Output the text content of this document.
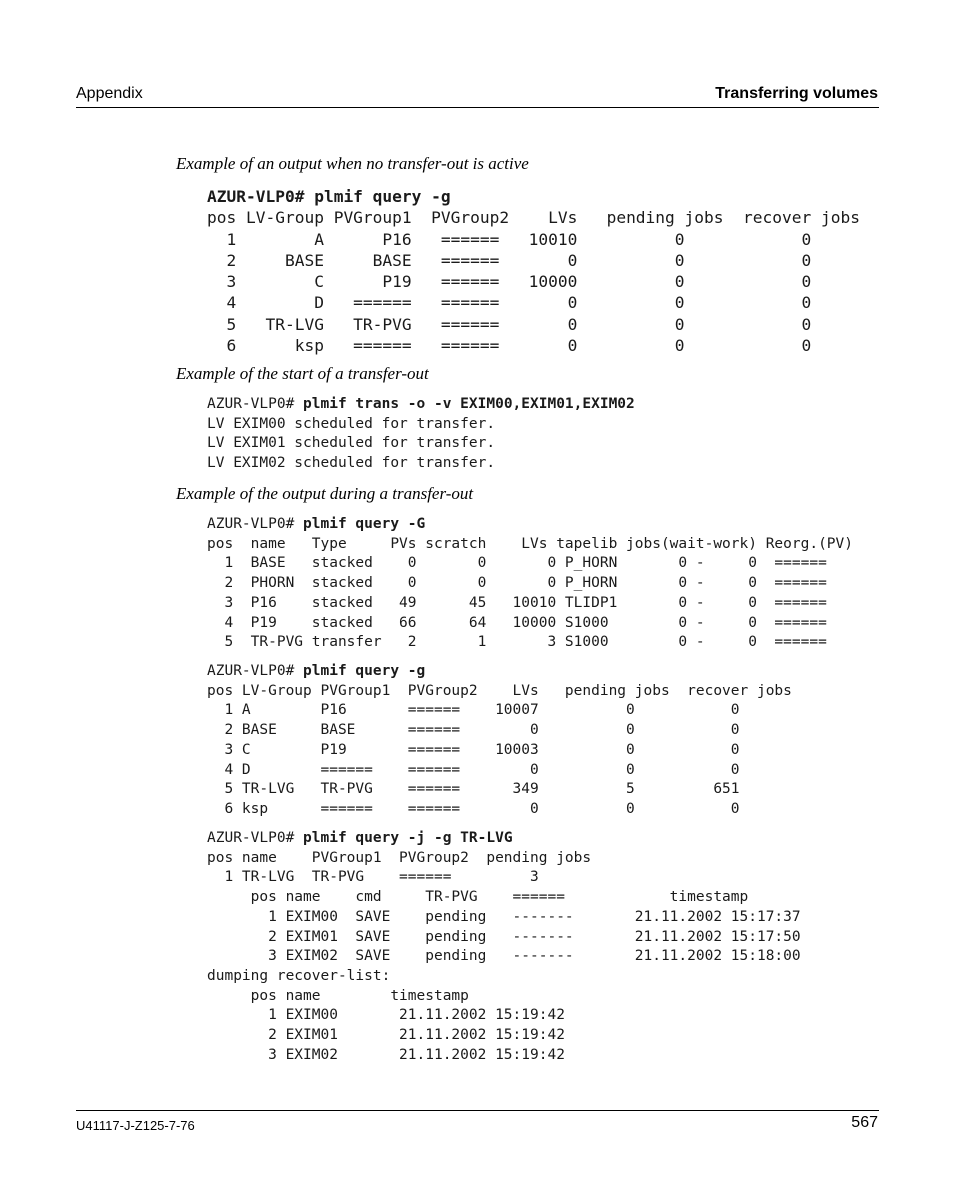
Appendix	Transferring volumes
Example of an output when no transfer-out is active
AZUR-VLP0# plmif query -g
pos LV-Group PVGroup1  PVGroup2    LVs   pending jobs  recover jobs
1        A      P16   ======   10010          0            0
2     BASE     BASE   ======       0          0            0
3        C      P19   ======   10000          0            0
4        D   ======   ======       0          0            0
5   TR-LVG   TR-PVG   ======       0          0            0
6      ksp   ======   ======       0          0            0
Example of the start of a transfer-out
AZUR-VLP0# plmif trans -o -v EXIM00,EXIM01,EXIM02
LV EXIM00 scheduled for transfer.
LV EXIM01 scheduled for transfer.
LV EXIM02 scheduled for transfer.
Example of the output during a transfer-out
AZUR-VLP0# plmif query -G
pos  name   Type     PVs scratch    LVs tapelib jobs(wait-work) Reorg.(PV)
1  BASE   stacked    0       0       0 P_HORN       0 -     0  ======
2  PHORN  stacked    0       0       0 P_HORN       0 -     0  ======
3  P16    stacked   49      45   10010 TLIDP1       0 -     0  ======
4  P19    stacked   66      64   10000 S1000        0 -     0  ======
5  TR-PVG transfer   2       1       3 S1000        0 -     0  ======
AZUR-VLP0# plmif query -g
pos LV-Group PVGroup1  PVGroup2    LVs   pending jobs  recover jobs
1 A        P16       ======    10007          0           0
2 BASE     BASE      ======        0          0           0
3 C        P19       ======    10003          0           0
4 D        ======    ======        0          0           0
5 TR-LVG   TR-PVG    ======      349          5         651
6 ksp      ======    ======        0          0           0
AZUR-VLP0# plmif query -j -g TR-LVG
pos name    PVGroup1  PVGroup2  pending jobs
1 TR-LVG  TR-PVG    ======         3
pos name    cmd     TR-PVG    ======            timestamp
1 EXIM00  SAVE    pending   -------       21.11.2002 15:17:37
2 EXIM01  SAVE    pending   -------       21.11.2002 15:17:50
3 EXIM02  SAVE    pending   -------       21.11.2002 15:18:00
dumping recover-list:
pos name        timestamp
1 EXIM00       21.11.2002 15:19:42
2 EXIM01       21.11.2002 15:19:42
3 EXIM02       21.11.2002 15:19:42
U41117-J-Z125-7-76	567
